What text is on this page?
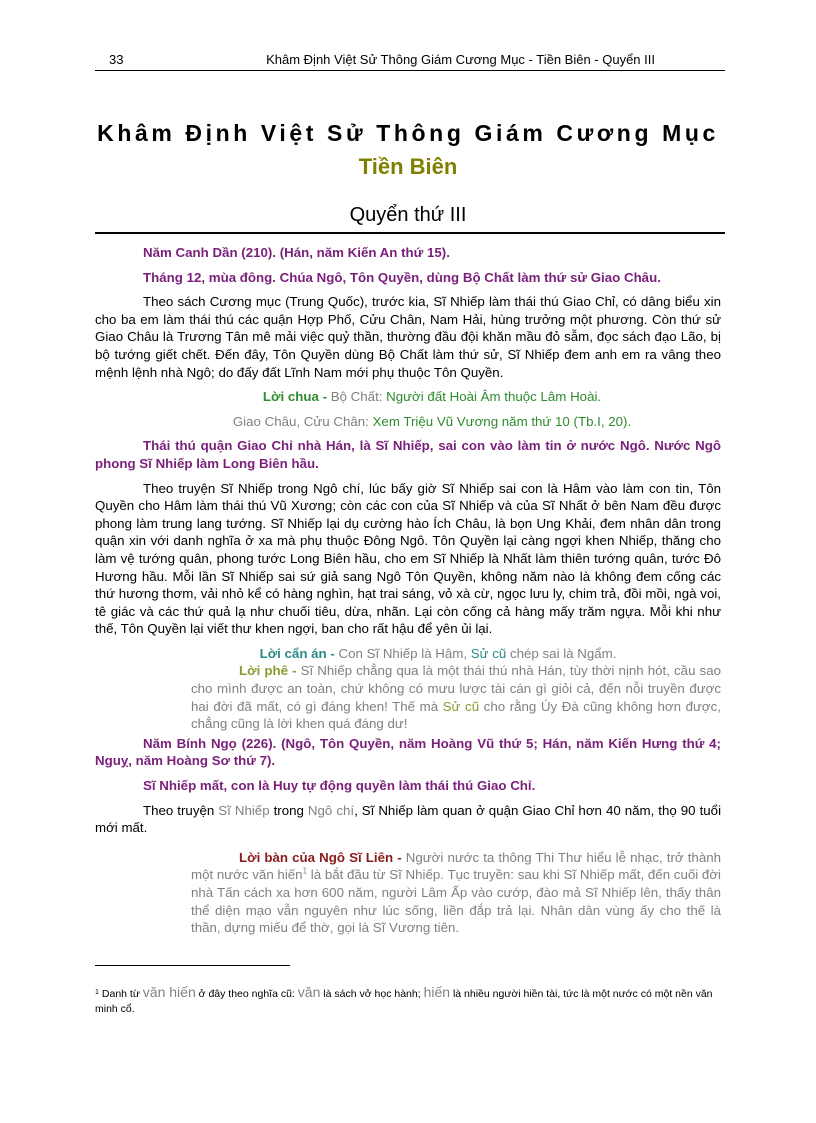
33	Khâm Định Việt Sử Thông Giám Cương Mục - Tiền Biên - Quyển III
Khâm Định Việt Sử Thông Giám Cương Mục
Tiền Biên
Quyển thứ III

Năm Canh Dần (210). (Hán, năm Kiến An thứ 15).

Tháng 12, mùa đông. Chúa Ngô, Tôn Quyền, dùng Bộ Chất làm thứ sử Giao Châu.

Theo sách Cương mục (Trung Quốc), trước kia, Sĩ Nhiếp làm thái thú Giao Chỉ, có dâng biểu xin cho ba em làm thái thú các quận Hợp Phố, Cửu Chân, Nam Hải, hùng trưởng một phương. Còn thứ sử Giao Châu là Trương Tân mê mải việc quỷ thần, thường đầu đội khăn mầu đỏ sẫm, đọc sách đạo Lão, bị bộ tướng giết chết. Đến đây, Tôn Quyền dùng Bộ Chất làm thứ sử, Sĩ Nhiếp đem anh em ra vâng theo mệnh lệnh nhà Ngô; do đấy đất Lĩnh Nam mới phụ thuộc Tôn Quyền.

Lời chua - Bộ Chất: Người đất Hoài Âm thuộc Lâm Hoài.

Giao Châu, Cửu Chân: Xem Triệu Vũ Vương năm thứ 10 (Tb.I, 20).

Thái thú quận Giao Chỉ nhà Hán, là Sĩ Nhiếp, sai con vào làm tin ở nước Ngô. Nước Ngô phong Sĩ Nhiếp làm Long Biên hầu.

Theo truyện Sĩ Nhiếp trong Ngô chí, lúc bấy giờ Sĩ Nhiếp sai con là Hâm vào làm con tin, Tôn Quyền cho Hâm làm thái thú Vũ Xương; còn các con của Sĩ Nhiếp và của Sĩ Nhất ở bên Nam đều được phong làm trung lang tướng. Sĩ Nhiếp lại dụ cường hào Ích Châu, là bọn Ung Khải, đem nhân dân trong quận xin với danh nghĩa ở xa mà phụ thuộc Đông Ngô. Tôn Quyền lại càng ngợi khen Nhiếp, thăng cho làm vệ tướng quân, phong tước Long Biên hầu, cho em Sĩ Nhiếp là Nhất làm thiên tướng quân, tước Đô Hương hầu. Mỗi lần Sĩ Nhiếp sai sứ giả sang Ngô Tôn Quyền, không năm nào là không đem cống các thứ hương thơm, vải nhỏ kể có hàng nghìn, hạt trai sáng, vỏ xà cừ, ngọc lưu ly, chim trả, đồi mồi, ngà voi, tê giác và các thứ quả lạ như chuối tiêu, dừa, nhãn. Lại còn cống cả hàng mấy trăm ngựa. Mỗi khi như thế, Tôn Quyền lại viết thư khen ngợi, ban cho rất hậu để yên ủi lại.

Lời cẩn án - Con Sĩ Nhiếp là Hâm, Sử cũ chép sai là Ngẩm.

Lời phê - Sĩ Nhiếp chẳng qua là một thái thú nhà Hán, tùy thời nịnh hót, cầu sao cho mình được an toàn, chứ không có mưu lược tài cán gì giỏi cả, đến nỗi truyền được hai đời đã mất, có gì đáng khen! Thế mà Sử cũ cho rằng Úy Đà cũng không hơn được, chẳng cũng là lời khen quá đáng dư!

Năm Bính Ngọ (226). (Ngô, Tôn Quyền, năm Hoàng Vũ thứ 5; Hán, năm Kiến Hưng thứ 4; Nguỵ, năm Hoàng Sơ thứ 7).

Sĩ Nhiếp mất, con là Huy tự động quyền làm thái thú Giao Chỉ.

Theo truyện Sĩ Nhiếp trong Ngô chí, Sĩ Nhiếp làm quan ở quận Giao Chỉ hơn 40 năm, thọ 90 tuổi mới mất.

Lời bàn của Ngô Sĩ Liên - Người nước ta thông Thi Thư hiểu lễ nhạc, trở thành một nước văn hiến$^1$ là bắt đầu từ Sĩ Nhiếp. Tục truyền: sau khi Sĩ Nhiếp mất, đến cuối đời nhà Tấn cách xa hơn 600 năm, người Lâm Ấp vào cướp, đào mả Sĩ Nhiếp lên, thấy thân thể diện mạo vẫn nguyên như lúc sống, liền đắp trả lại. Nhân dân vùng ấy cho thế là thần, dựng miếu để thờ, gọi là Sĩ Vương tiên.

$^1$ Danh từ văn hiến ở đây theo nghĩa cũ: văn là sách vở học hành; hiến là nhiều người hiền tài, tức là một nước có một nền văn minh cổ.
